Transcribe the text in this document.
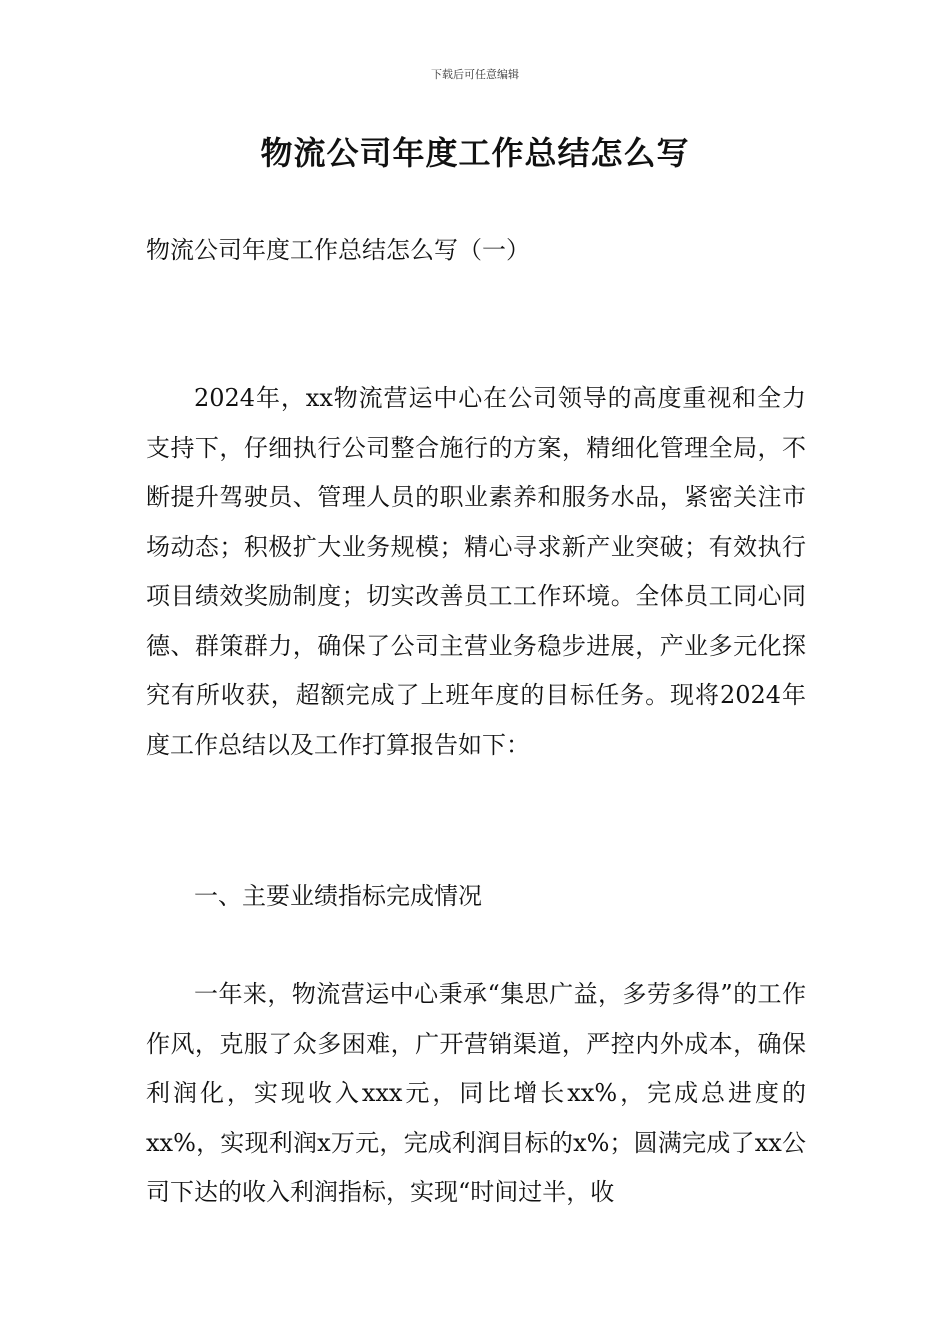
下载后可任意编辑
物流公司年度工作总结怎么写
物流公司年度工作总结怎么写（一）

2024年，xx物流营运中心在公司领导的高度重视和全力支持下，仔细执行公司整合施行的方案，精细化管理全局，不断提升驾驶员、管理人员的职业素养和服务水品，紧密关注市场动态；积极扩大业务规模；精心寻求新产业突破；有效执行项目绩效奖励制度；切实改善员工工作环境。全体员工同心同德、群策群力，确保了公司主营业务稳步进展，产业多元化探究有所收获，超额完成了上班年度的目标任务。现将2024年度工作总结以及工作打算报告如下：

一、主要业绩指标完成情况

一年来，物流营运中心秉承“集思广益，多劳多得”的工作作风，克服了众多困难，广开营销渠道，严控内外成本，确保利润化，实现收入xxx元，同比增长xx%，完成总进度的xx%，实现利润x万元，完成利润目标的x%；圆满完成了xx公司下达的收入利润指标，实现“时间过半，收
